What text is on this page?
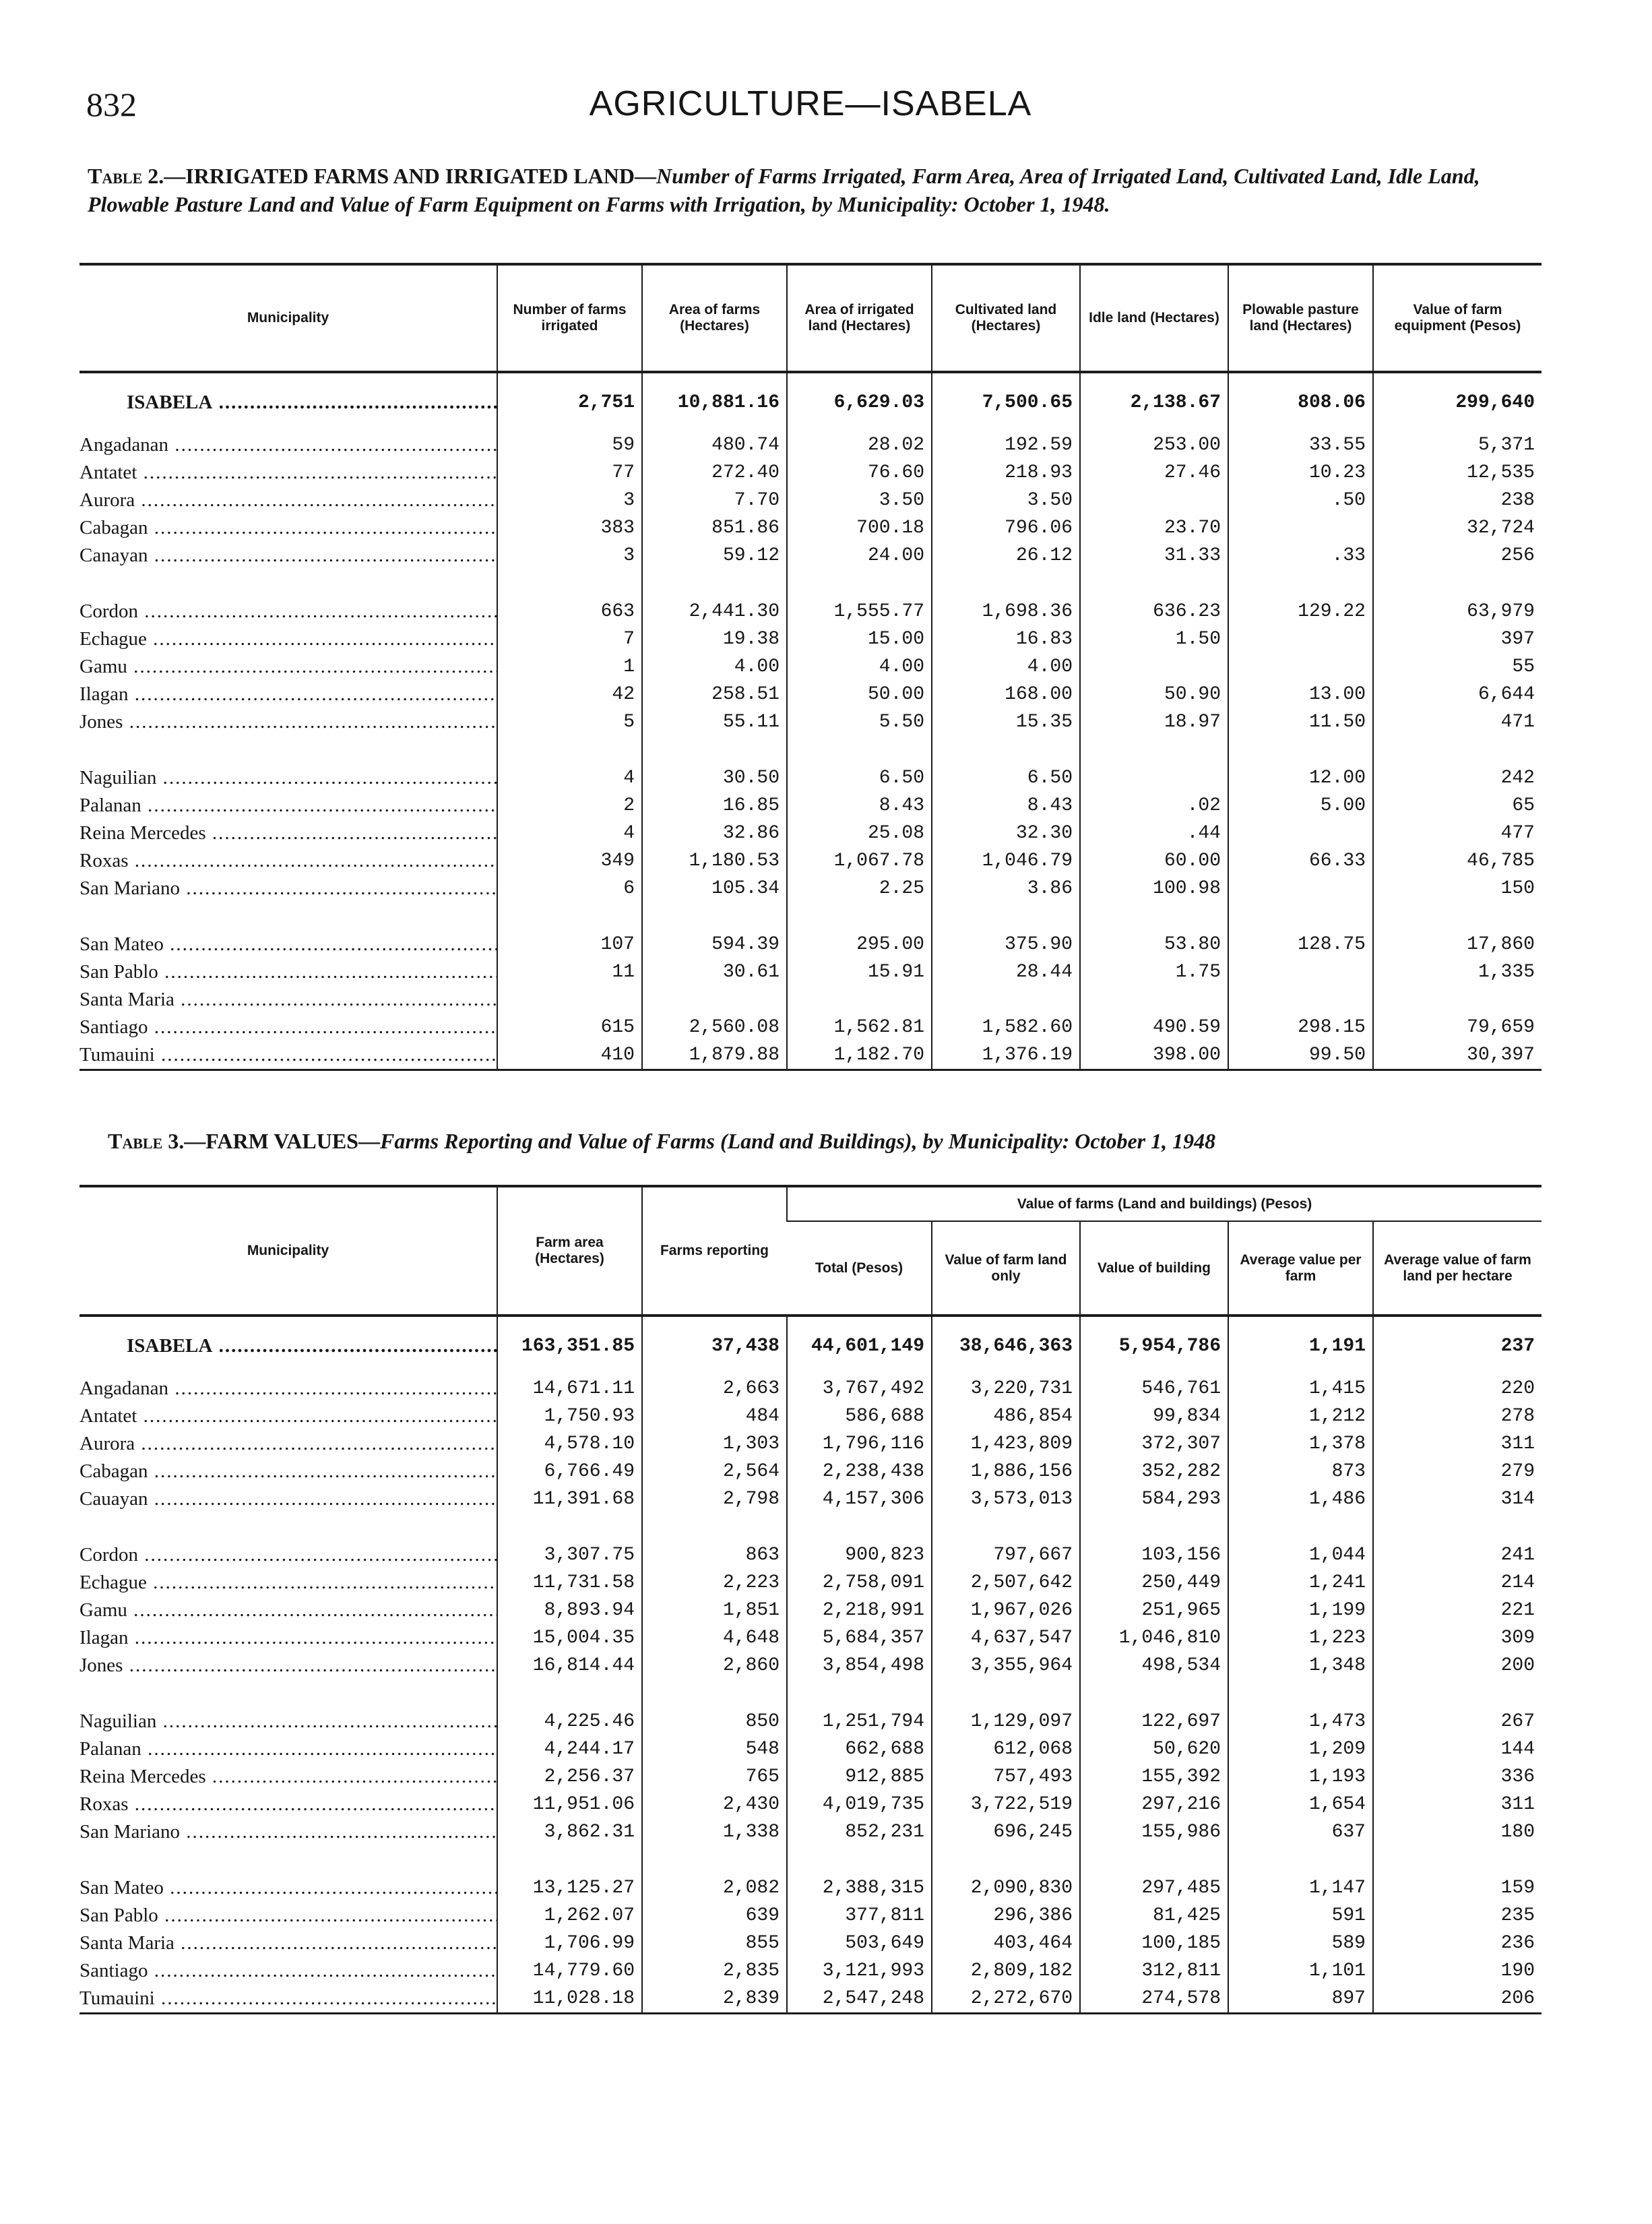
832	AGRICULTURE—ISABELA
Table 2.—IRRIGATED FARMS AND IRRIGATED LAND—Number of Farms Irrigated, Farm Area, Area of Irrigated Land, Cultivated Land, Idle Land, Plowable Pasture Land and Value of Farm Equipment on Farms with Irrigation, by Municipality: October 1, 1948.
Municipality	Number of farms irrigated	Area of farms (Hectares)	Area of irrigated land (Hectares)	Cultivated land (Hectares)	Idle land (Hectares)	Plowable pasture land (Hectares)	Value of farm equipment (Pesos)
ISABELA .....	2,751	10,881.16	6,629.03	7,500.65	2,138.67	808.06	299,640
Angadanan .....	59	480.74	28.02	192.59	253.00	33.55	5,371
Antatet .....	77	272.40	76.60	218.93	27.46	10.23	12,535
Aurora .....	3	7.70	3.50	3.50		.50	238
Cabagan .....	383	851.86	700.18	796.06	23.70		32,724
Canayan .....	3	59.12	24.00	26.12	31.33	.33	256

Cordon .....	663	2,441.30	1,555.77	1,698.36	636.23	129.22	63,979
Echague .....	7	19.38	15.00	16.83	1.50		397
Gamu .....	1	4.00	4.00	4.00			55
Ilagan .....	42	258.51	50.00	168.00	50.90	13.00	6,644
Jones .....	5	55.11	5.50	15.35	18.97	11.50	471

Naguilian .....	4	30.50	6.50	6.50		12.00	242
Palanan .....	2	16.85	8.43	8.43	.02	5.00	65
Reina Mercedes .....	4	32.86	25.08	32.30	.44		477
Roxas .....	349	1,180.53	1,067.78	1,046.79	60.00	66.33	46,785
San Mariano .....	6	105.34	2.25	3.86	100.98		150

San Mateo .....	107	594.39	295.00	375.90	53.80	128.75	17,860
San Pablo .....	11	30.61	15.91	28.44	1.75		1,335
Santa Maria .....							
Santiago .....	615	2,560.08	1,562.81	1,582.60	490.59	298.15	79,659
Tumauini .....	410	1,879.88	1,182.70	1,376.19	398.00	99.50	30,397
Table 3.—FARM VALUES—Farms Reporting and Value of Farms (Land and Buildings), by Municipality: October 1, 1948
Municipality	Farm area (Hectares)	Farms reporting	Value of farms (Land and buildings) (Pesos)				
			Total (Pesos)	Value of farm land only	Value of building	Average value per farm	Average value of farm land per hectare
ISABELA .....	163,351.85	37,438	44,601,149	38,646,363	5,954,786	1,191	237
Angadanan .....	14,671.11	2,663	3,767,492	3,220,731	546,761	1,415	220
Antatet .....	1,750.93	484	586,688	486,854	99,834	1,212	278
Aurora .....	4,578.10	1,303	1,796,116	1,423,809	372,307	1,378	311
Cabagan .....	6,766.49	2,564	2,238,438	1,886,156	352,282	873	279
Cauayan .....	11,391.68	2,798	4,157,306	3,573,013	584,293	1,486	314

Cordon .....	3,307.75	863	900,823	797,667	103,156	1,044	241
Echague .....	11,731.58	2,223	2,758,091	2,507,642	250,449	1,241	214
Gamu .....	8,893.94	1,851	2,218,991	1,967,026	251,965	1,199	221
Ilagan .....	15,004.35	4,648	5,684,357	4,637,547	1,046,810	1,223	309
Jones .....	16,814.44	2,860	3,854,498	3,355,964	498,534	1,348	200

Naguilian .....	4,225.46	850	1,251,794	1,129,097	122,697	1,473	267
Palanan .....	4,244.17	548	662,688	612,068	50,620	1,209	144
Reina Mercedes .....	2,256.37	765	912,885	757,493	155,392	1,193	336
Roxas .....	11,951.06	2,430	4,019,735	3,722,519	297,216	1,654	311
San Mariano .....	3,862.31	1,338	852,231	696,245	155,986	637	180

San Mateo .....	13,125.27	2,082	2,388,315	2,090,830	297,485	1,147	159
San Pablo .....	1,262.07	639	377,811	296,386	81,425	591	235
Santa Maria .....	1,706.99	855	503,649	403,464	100,185	589	236
Santiago .....	14,779.60	2,835	3,121,993	2,809,182	312,811	1,101	190
Tumauini .....	11,028.18	2,839	2,547,248	2,272,670	274,578	897	206
